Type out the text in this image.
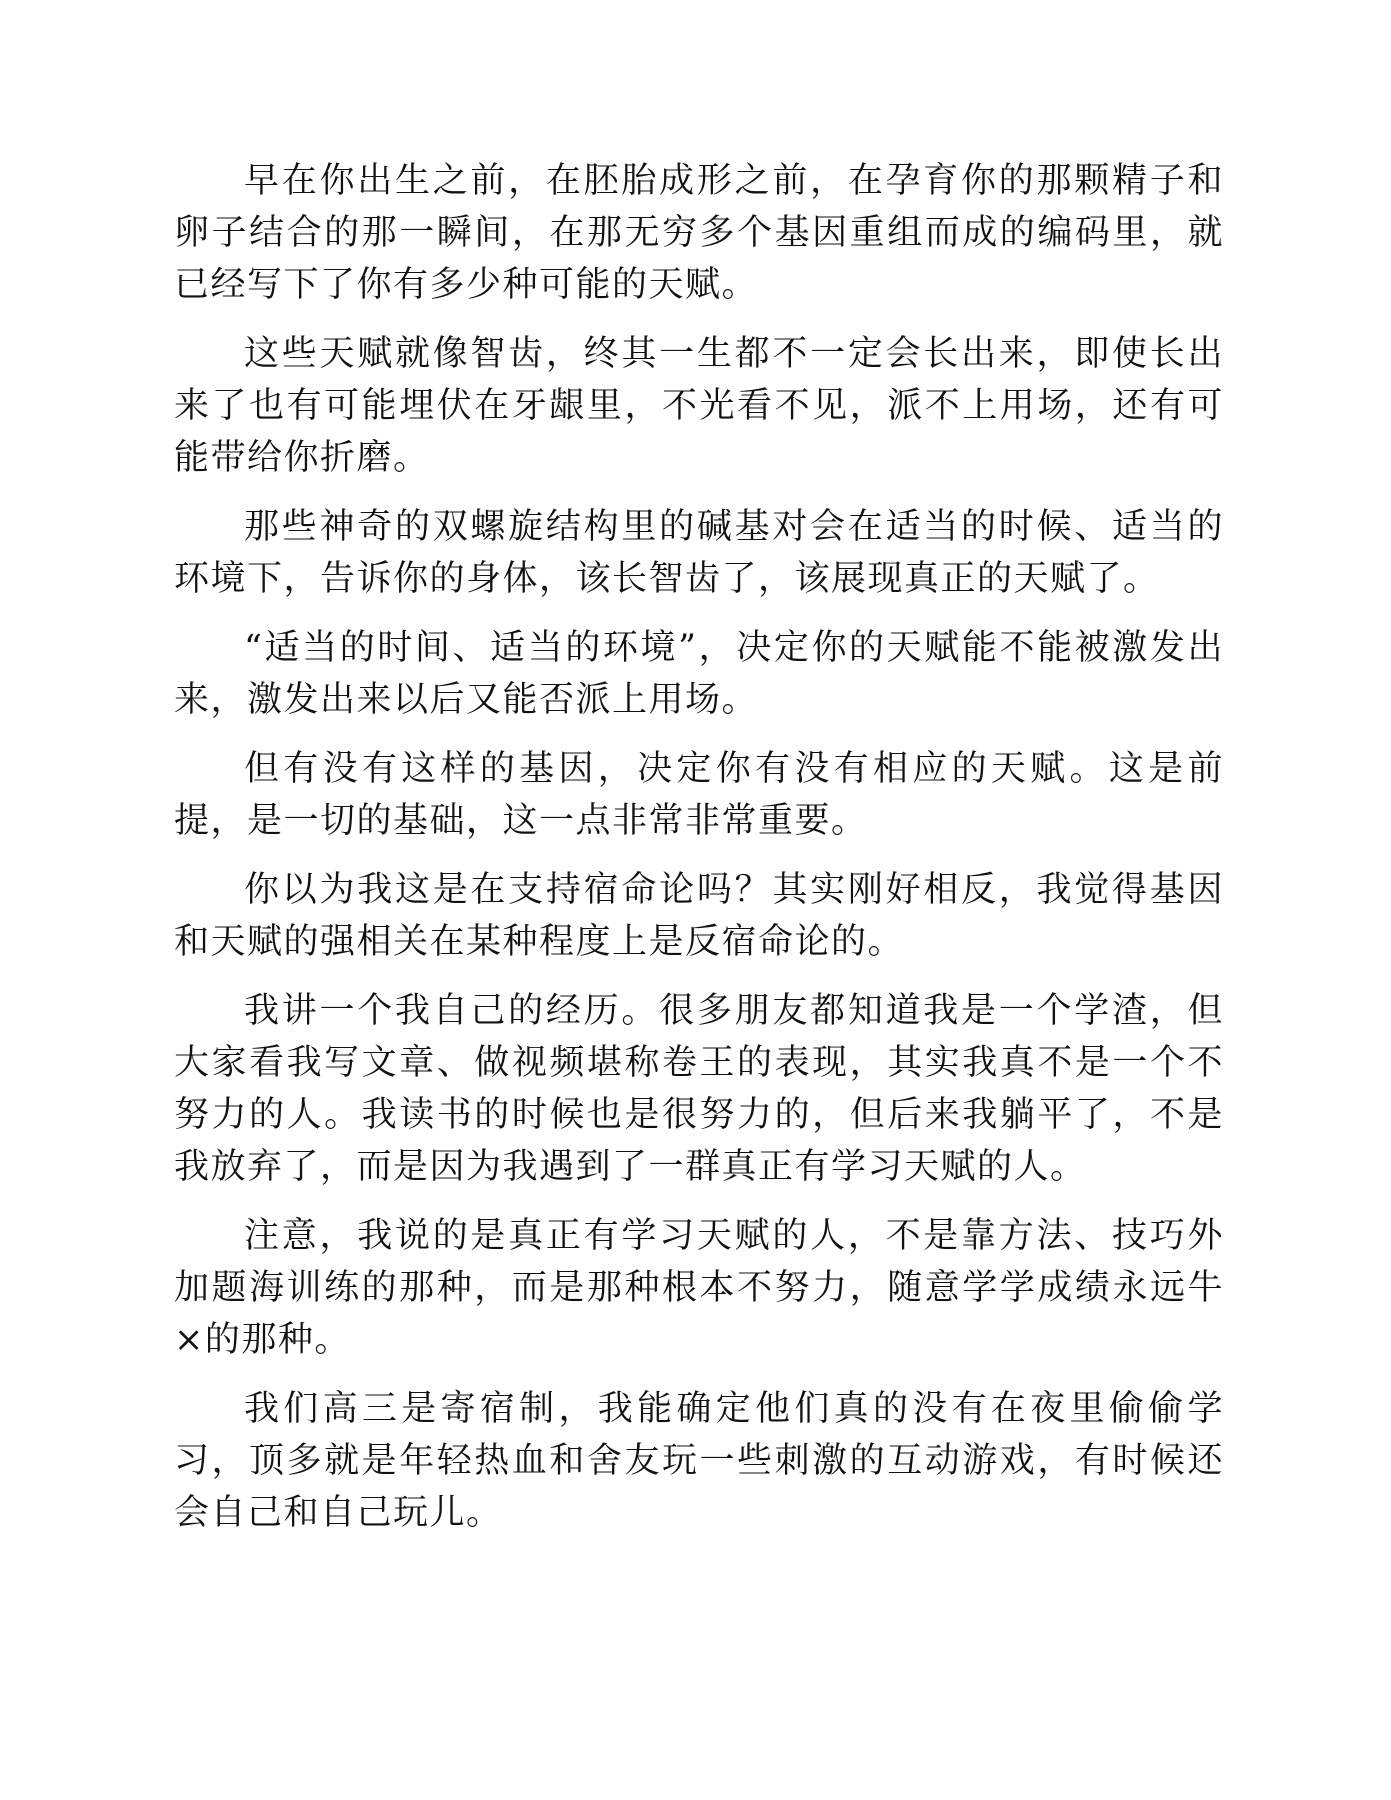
早在你出生之前，在胚胎成形之前，在孕育你的那颗精子和卵子结合的那一瞬间，在那无穷多个基因重组而成的编码里，就已经写下了你有多少种可能的天赋。

这些天赋就像智齿，终其一生都不一定会长出来，即使长出来了也有可能埋伏在牙龈里，不光看不见，派不上用场，还有可能带给你折磨。

那些神奇的双螺旋结构里的碱基对会在适当的时候、适当的环境下，告诉你的身体，该长智齿了，该展现真正的天赋了。

“适当的时间、适当的环境”，决定你的天赋能不能被激发出来，激发出来以后又能否派上用场。

但有没有这样的基因，决定你有没有相应的天赋。这是前提，是一切的基础，这一点非常非常重要。

你以为我这是在支持宿命论吗？其实刚好相反，我觉得基因和天赋的强相关在某种程度上是反宿命论的。

我讲一个我自己的经历。很多朋友都知道我是一个学渣，但大家看我写文章、做视频堪称卷王的表现，其实我真不是一个不努力的人。我读书的时候也是很努力的，但后来我躺平了，不是我放弃了，而是因为我遇到了一群真正有学习天赋的人。

注意，我说的是真正有学习天赋的人，不是靠方法、技巧外加题海训练的那种，而是那种根本不努力，随意学学成绩永远牛×的那种。

我们高三是寄宿制，我能确定他们真的没有在夜里偷偷学习，顶多就是年轻热血和舍友玩一些刺激的互动游戏，有时候还会自己和自己玩儿。
